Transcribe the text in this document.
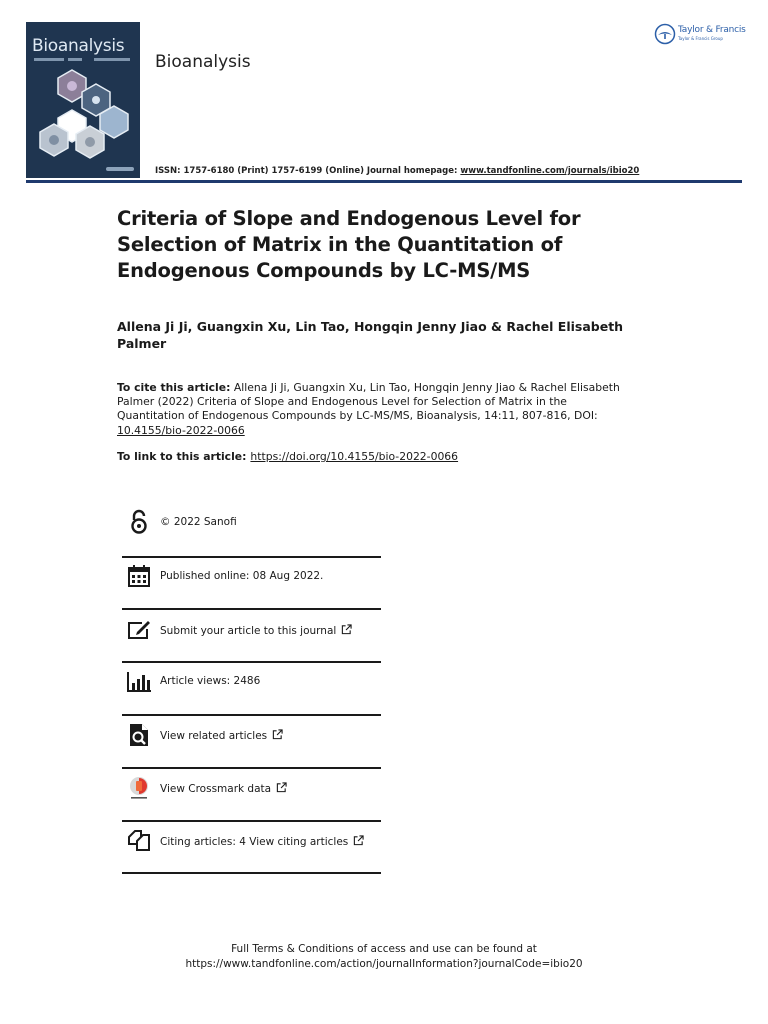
Bioanalysis
Bioanalysis
Taylor & Francis
Taylor & Francis Group
ISSN: 1757-6180 (Print) 1757-6199 (Online) Journal homepage: www.tandfonline.com/journals/ibio20
Criteria of Slope and Endogenous Level for Selection of Matrix in the Quantitation of Endogenous Compounds by LC-MS/MS
Allena Ji Ji, Guangxin Xu, Lin Tao, Hongqin Jenny Jiao & Rachel Elisabeth Palmer
To cite this article: Allena Ji Ji, Guangxin Xu, Lin Tao, Hongqin Jenny Jiao & Rachel Elisabeth Palmer (2022) Criteria of Slope and Endogenous Level for Selection of Matrix in the Quantitation of Endogenous Compounds by LC-MS/MS, Bioanalysis, 14:11, 807-816, DOI: 10.4155/bio-2022-0066
To link to this article: https://doi.org/10.4155/bio-2022-0066
© 2022 Sanofi
Published online: 08 Aug 2022.
Submit your article to this journal
Article views: 2486
View related articles
View Crossmark data
Citing articles: 4 View citing articles
Full Terms & Conditions of access and use can be found at
https://www.tandfonline.com/action/journalInformation?journalCode=ibio20
